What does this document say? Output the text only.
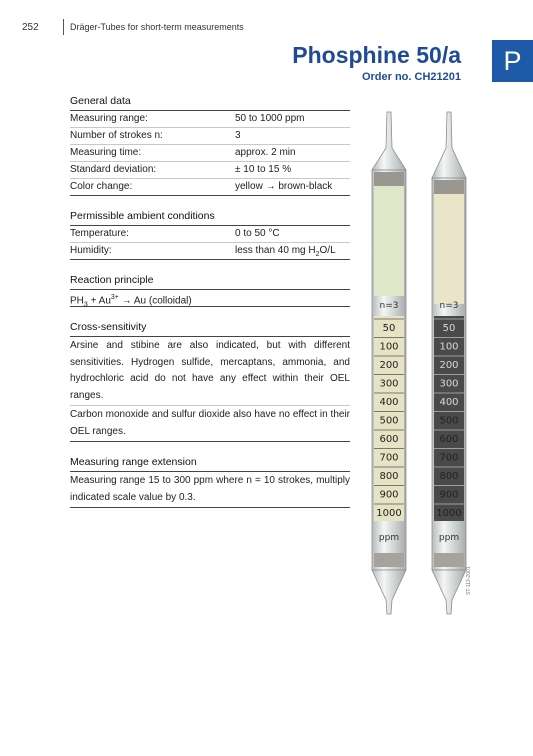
252	Dräger-Tubes for short-term measurements
Phosphine 50/a
Order no. CH21201
P
General data
Measuring range:	50 to 1000 ppm
Number of strokes n:	3
Measuring time:	approx. 2 min
Standard deviation:	± 10 to 15 %
Color change:	yellow → brown-black
Permissible ambient conditions
Temperature:	0 to 50 °C
Humidity:	less than 40 mg $H_2O/L$
Reaction principle
$PH_3 + Au^{3+} \to Au$ (colloidal)
Cross-sensitivity
Arsine and stibine are also indicated, but with different sensitivities. Hydrogen sulfide, mercaptans, ammonia, and hydrochloric acid do not have any effect within their OEL ranges.
Carbon monoxide and sulfur dioxide also have no effect in their OEL ranges.
Measuring range extension
Measuring range 15 to 300 ppm where n = 10 strokes, multiply indicated scale value by 0.3.
n=3
50
100
200
300
400
500
600
700
800
900
1000
ppm
n=3
50
100
200
300
400
500
600
700
800
900
1000
ppm
ST-113-2001
